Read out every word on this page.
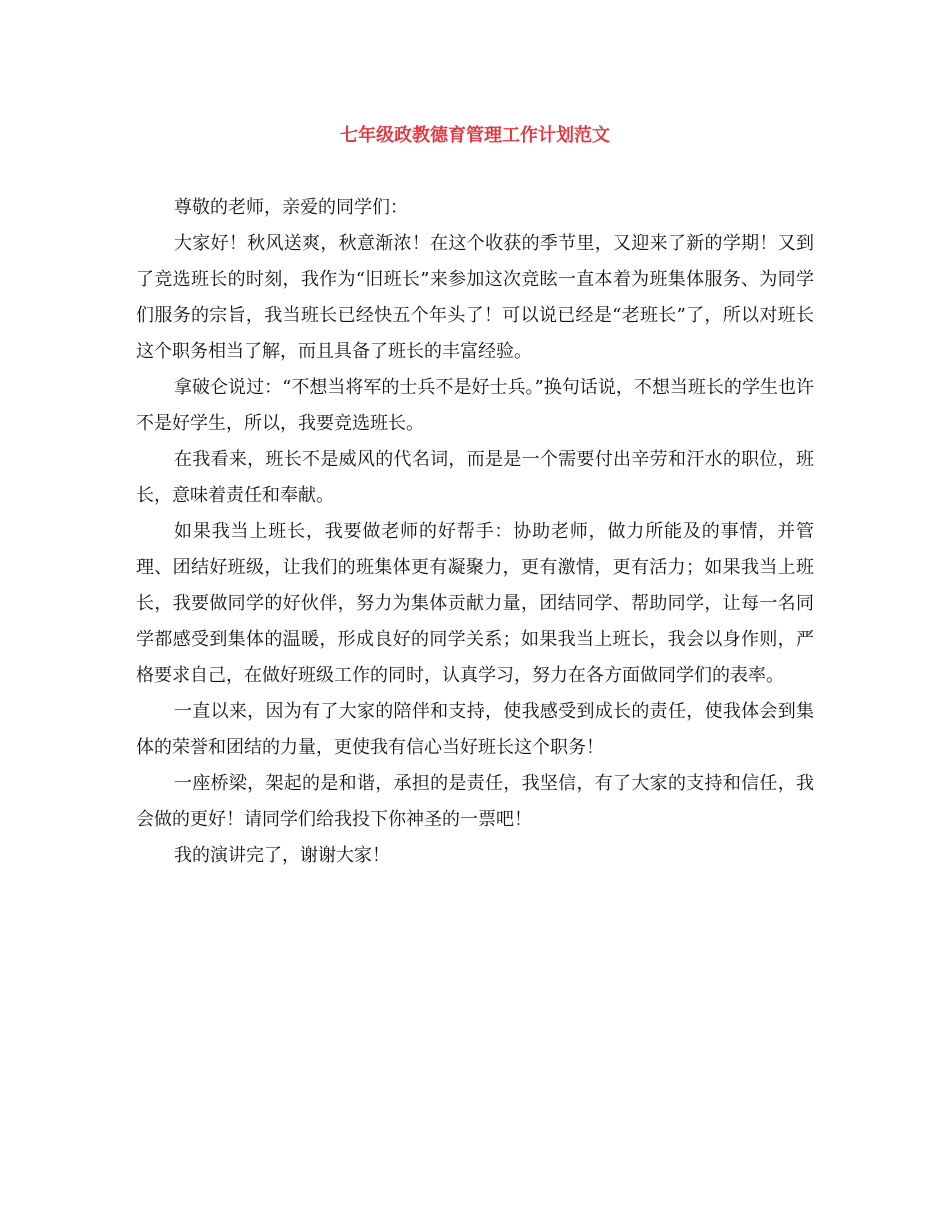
七年级政教德育管理工作计划范文

尊敬的老师，亲爱的同学们：

大家好！秋风送爽，秋意渐浓！在这个收获的季节里，又迎来了新的学期！又到了竞选班长的时刻，我作为“旧班长”来参加这次竞眩一直本着为班集体服务、为同学们服务的宗旨，我当班长已经快五个年头了！可以说已经是“老班长”了，所以对班长这个职务相当了解，而且具备了班长的丰富经验。

拿破仑说过：“不想当将军的士兵不是好士兵。”换句话说，不想当班长的学生也许不是好学生，所以，我要竞选班长。

在我看来，班长不是威风的代名词，而是是一个需要付出辛劳和汗水的职位，班长，意味着责任和奉献。

如果我当上班长，我要做老师的好帮手：协助老师，做力所能及的事情，并管理、团结好班级，让我们的班集体更有凝聚力，更有激情，更有活力；如果我当上班长，我要做同学的好伙伴，努力为集体贡献力量，团结同学、帮助同学，让每一名同学都感受到集体的温暖，形成良好的同学关系；如果我当上班长，我会以身作则，严格要求自己，在做好班级工作的同时，认真学习，努力在各方面做同学们的表率。

一直以来，因为有了大家的陪伴和支持，使我感受到成长的责任，使我体会到集体的荣誉和团结的力量，更使我有信心当好班长这个职务！

一座桥梁，架起的是和谐，承担的是责任，我坚信，有了大家的支持和信任，我会做的更好！请同学们给我投下你神圣的一票吧！

我的演讲完了，谢谢大家！
